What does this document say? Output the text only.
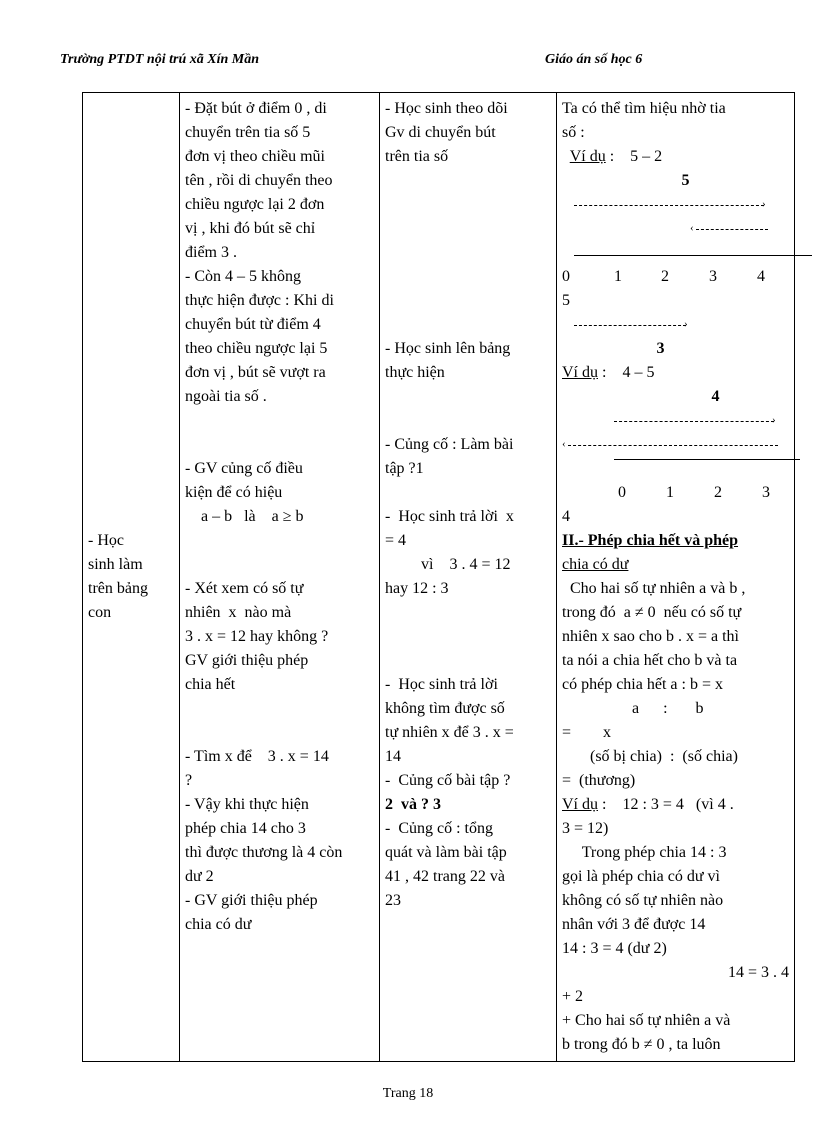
Trường PTDT nội trú xã Xín Mần	Giáo án số học 6
- Học
sinh làm
trên bảng
con

- Đặt bút ở điểm 0 , di
chuyển trên tia số 5
đơn vị theo chiều mũi
tên , rồi di chuyển theo
chiều ngược lại 2 đơn
vị , khi đó bút sẽ chỉ
điểm 3 .
- Còn 4 – 5 không
thực hiện được : Khi di
chuyển bút từ điểm 4
theo chiều ngược lại 5
đơn vị , bút sẽ vượt ra
ngoài tia số .
- GV củng cố điều
kiện để có hiệu
a – b   là    a ≥ b
- Xét xem có số tự
nhiên  x  nào mà
3 . x = 12 hay không ?
GV giới thiệu phép
chia hết
- Tìm x để    3 . x = 14
?
- Vậy khi thực hiện
phép chia 14 cho 3
thì được thương là 4 còn
dư 2
- GV giới thiệu phép
chia có dư

- Học sinh theo dõi
Gv di chuyển bút
trên tia số
- Học sinh lên bảng
thực hiện
- Củng cố : Làm bài
tập ?1
-  Học sinh trả lời  x
= 4
vì    3 . 4 = 12
hay 12 : 3
-  Học sinh trả lời
không tìm được số
tự nhiên x để 3 . x =
14
-  Củng cố bài tập ?
2  và ? 3
-  Củng cố : tổng
quát và làm bài tập
41 , 42 trang 22 và
23

Ta có thể tìm hiệu nhờ tia
số :
Ví dụ :    5 – 2
5
›
‹
0	1 2	3	4
5
›
3
Ví dụ :    4 – 5
4
›
‹
0	1	2	3
4
II.- Phép chia hết và phép
chia có dư
Cho hai số tự nhiên a và b ,
trong đó  a ≠ 0  nếu có số tự
nhiên x sao cho b . x = a thì
ta nói a chia hết cho b và ta
có phép chia hết a : b = x
a      :       b
=        x
(số bị chia)  :  (số chia)
=  (thương)
Ví dụ :    12 : 3 = 4   (vì 4 .
3 = 12)
Trong phép chia 14 : 3
gọi là phép chia có dư vì
không có số tự nhiên nào
nhân với 3 để được 14
14 : 3 = 4 (dư 2)
14 = 3 . 4
+ 2
+ Cho hai số tự nhiên a và
b trong đó b ≠ 0 , ta luôn
Trang 18
